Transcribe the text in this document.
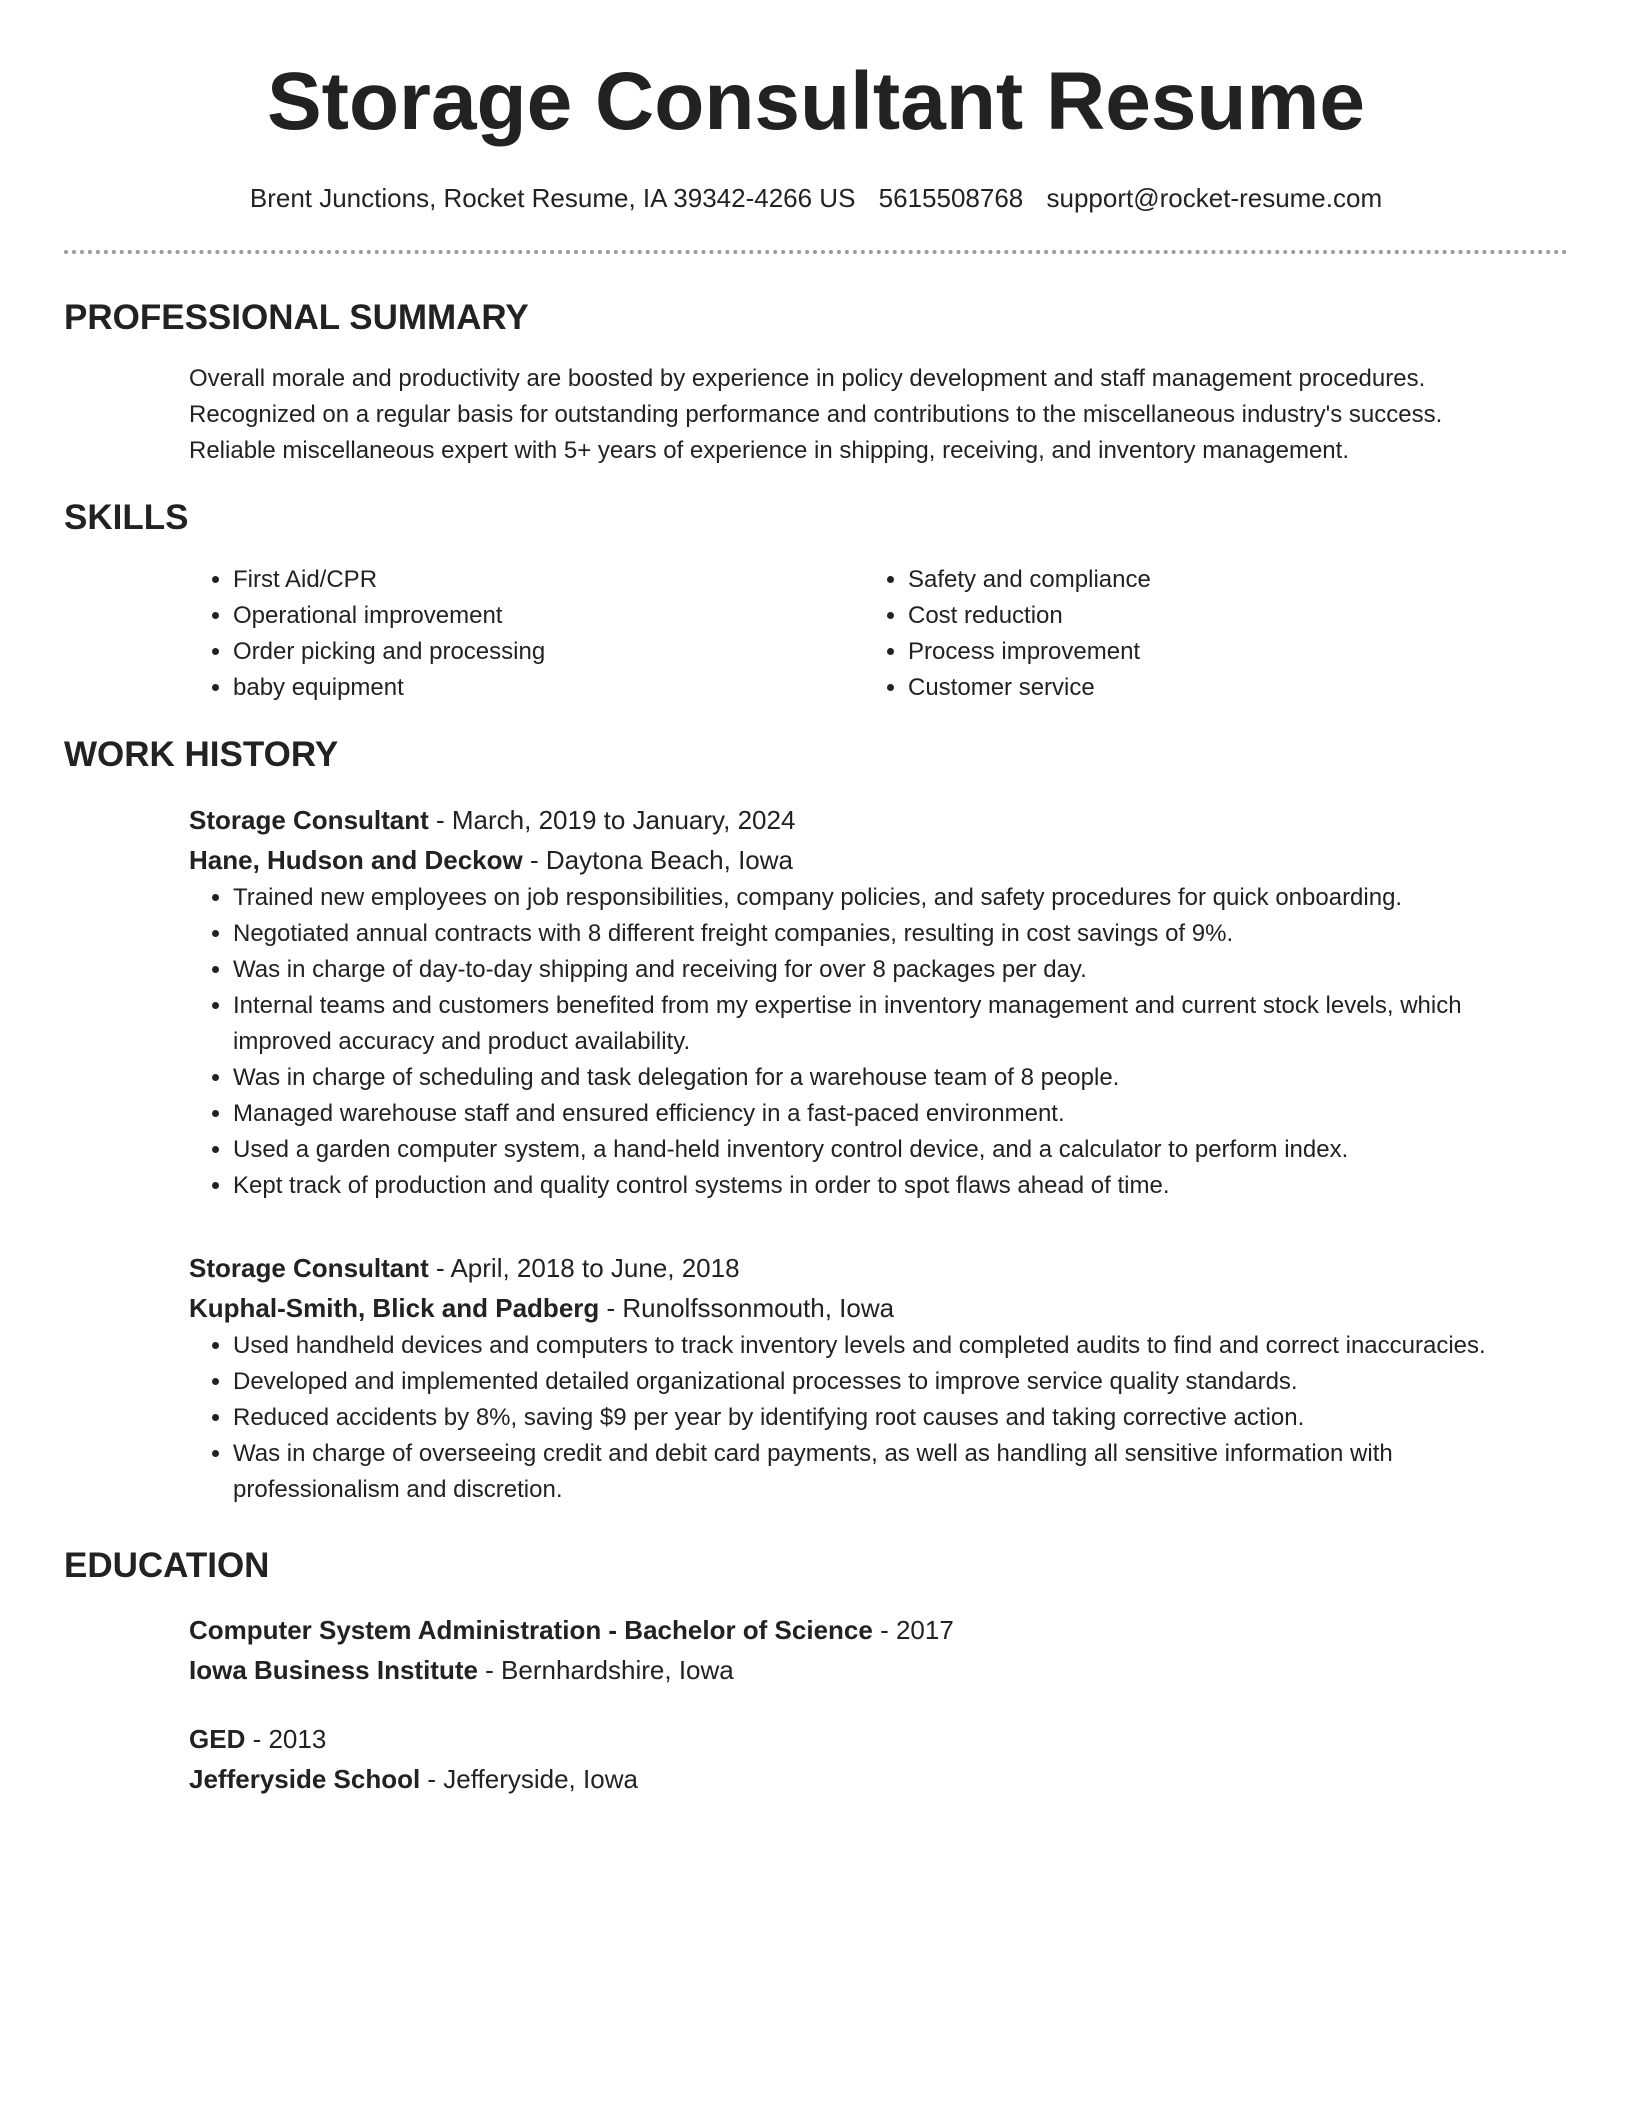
Storage Consultant Resume
Brent Junctions, Rocket Resume, IA 39342-4266 US 5615508768 support@rocket-resume.com
PROFESSIONAL SUMMARY

Overall morale and productivity are boosted by experience in policy development and staff management procedures.

Recognized on a regular basis for outstanding performance and contributions to the miscellaneous industry's success.

Reliable miscellaneous expert with 5+ years of experience in shipping, receiving, and inventory management.

SKILLS
• First Aid/CPR
• Operational improvement
• Order picking and processing
• baby equipment
• Safety and compliance
• Cost reduction
• Process improvement
• Customer service
WORK HISTORY

Storage Consultant - March, 2019 to January, 2024

Hane, Hudson and Deckow - Daytona Beach, Iowa

• Trained new employees on job responsibilities, company policies, and safety procedures for quick onboarding.
• Negotiated annual contracts with 8 different freight companies, resulting in cost savings of 9%.
• Was in charge of day-to-day shipping and receiving for over 8 packages per day.
• Internal teams and customers benefited from my expertise in inventory management and current stock levels, which improved accuracy and product availability.
• Was in charge of scheduling and task delegation for a warehouse team of 8 people.
• Managed warehouse staff and ensured efficiency in a fast-paced environment.
• Used a garden computer system, a hand-held inventory control device, and a calculator to perform index.
• Kept track of production and quality control systems in order to spot flaws ahead of time.

Storage Consultant - April, 2018 to June, 2018

Kuphal-Smith, Blick and Padberg - Runolfssonmouth, Iowa

• Used handheld devices and computers to track inventory levels and completed audits to find and correct inaccuracies.
• Developed and implemented detailed organizational processes to improve service quality standards.
• Reduced accidents by 8%, saving $9 per year by identifying root causes and taking corrective action.
• Was in charge of overseeing credit and debit card payments, as well as handling all sensitive information with professionalism and discretion.
EDUCATION

Computer System Administration - Bachelor of Science - 2017

Iowa Business Institute - Bernhardshire, Iowa

GED - 2013

Jefferyside School - Jefferyside, Iowa
